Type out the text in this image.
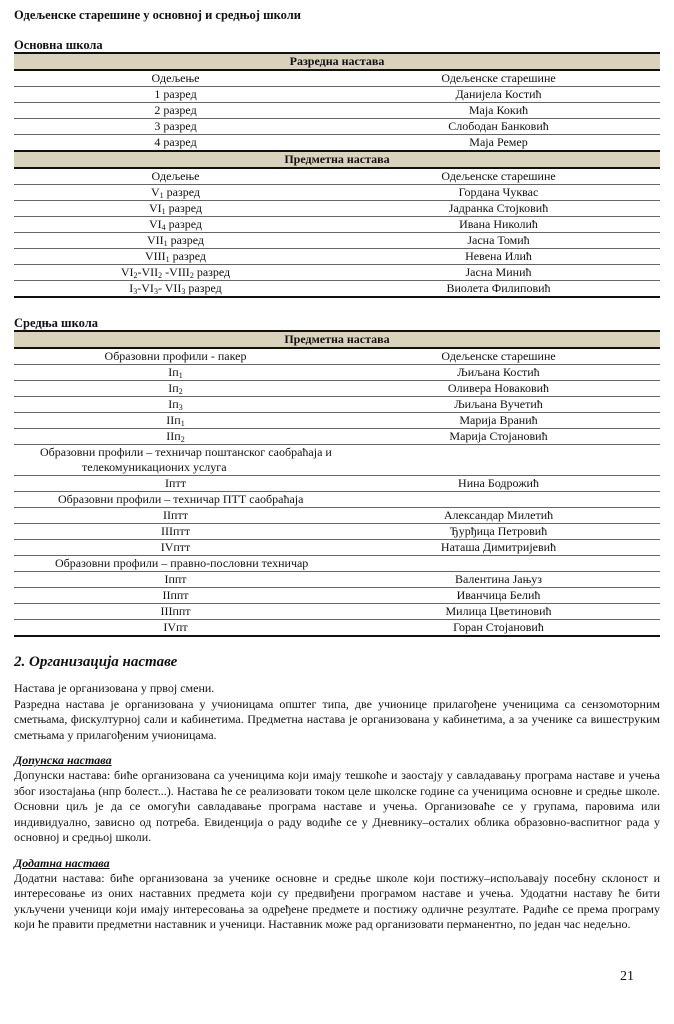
Одељенске старешине у основној и средњој школи
Основна школа
Разредна настава	
Одељење	Одељенске старешине
1 разред	Данијела Костић
2 разред	Маја Кокић
3 разред	Слободан Банковић
4 разред	Маја Ремер
Предметна настава	
Одељење	Одељенске старешине
$V_1$ разред	Гордана Чуквас
$VI_1$ разред	Јадранка Стојковић
$VI_4$ разред	Ивана Николић
$VII_1$ разред	Јасна Томић
$VIII_1$ разред	Невена Илић
$VI_2-VII_2$ $-VIII_2$ разред	Јасна Минић
$I_3-VI_3-$ $VII_3$ разред	Виолета Филиповић
Средња школа
Предметна настава	
Образовни профили - пакер	Одељенске старешине
$Iп_1$	Љиљана Костић
$Iп_2$	Оливера Новаковић
$Iп_3$	Љиљана Вучетић
IIп$_1$	Марија Вранић
IIп$_2$	Марија Стојановић
Образовни профили – техничар поштанског саобраћаја и
телекомуникационих услуга	
Iптт	Нина Бодрожић
Образовни профили – техничар ПТТ саобраћаја	
IIптт	Александар Милетић
IIIптт	Ђурђица Петровић
IVптт	Наташа Димитријевић
Образовни профили – правно-пословни техничар	
Iппт	Валентина Јањуз
IIппт	Иванчица Белић
IIIппт	Милица Цветиновић
IVпт	Горан Стојановић
2. Организација наставе
Настава је организована у првој смени.
Разредна настава је организована у учионицама општег типа, две учионице прилагођене ученицима са сензомоторним сметњама, фискултурној сали и кабинетима. Предметна настава је организована у кабинетима, а за ученике са вишеструким сметњама у прилагођеним учионицама.
Допунска настава
Допунски настава: биће организована са ученицима који имају тешкоће и заостају у савладавању програма наставе и учења због изостајања (нпр болест...). Настава ће се реализовати током целе школске године са ученицима основне и средње школе. Основни циљ је да се омогући савладавање програма наставе и учења. Организоваће се у групама, паровима или индивидуално, зависно од потреба. Евиденција о раду водиће се у Дневнику–осталих облика образовно-васпитног рада у основној и средњој школи.
Додатна настава
Додатни настава: биће организована за ученике основне и средње школе који постижу–испољавају посебну склоност и интересовање из оних наставних предмета који су предвиђени програмом наставе и учења. Удодатни наставу ће бити укључени ученици који имају интересовања за одређене предмете и постижу одличне резултате. Радиће се према програму који ће правити предметни наставник и ученици. Наставник може рад организовати перманентно, по један час недељно.
21
